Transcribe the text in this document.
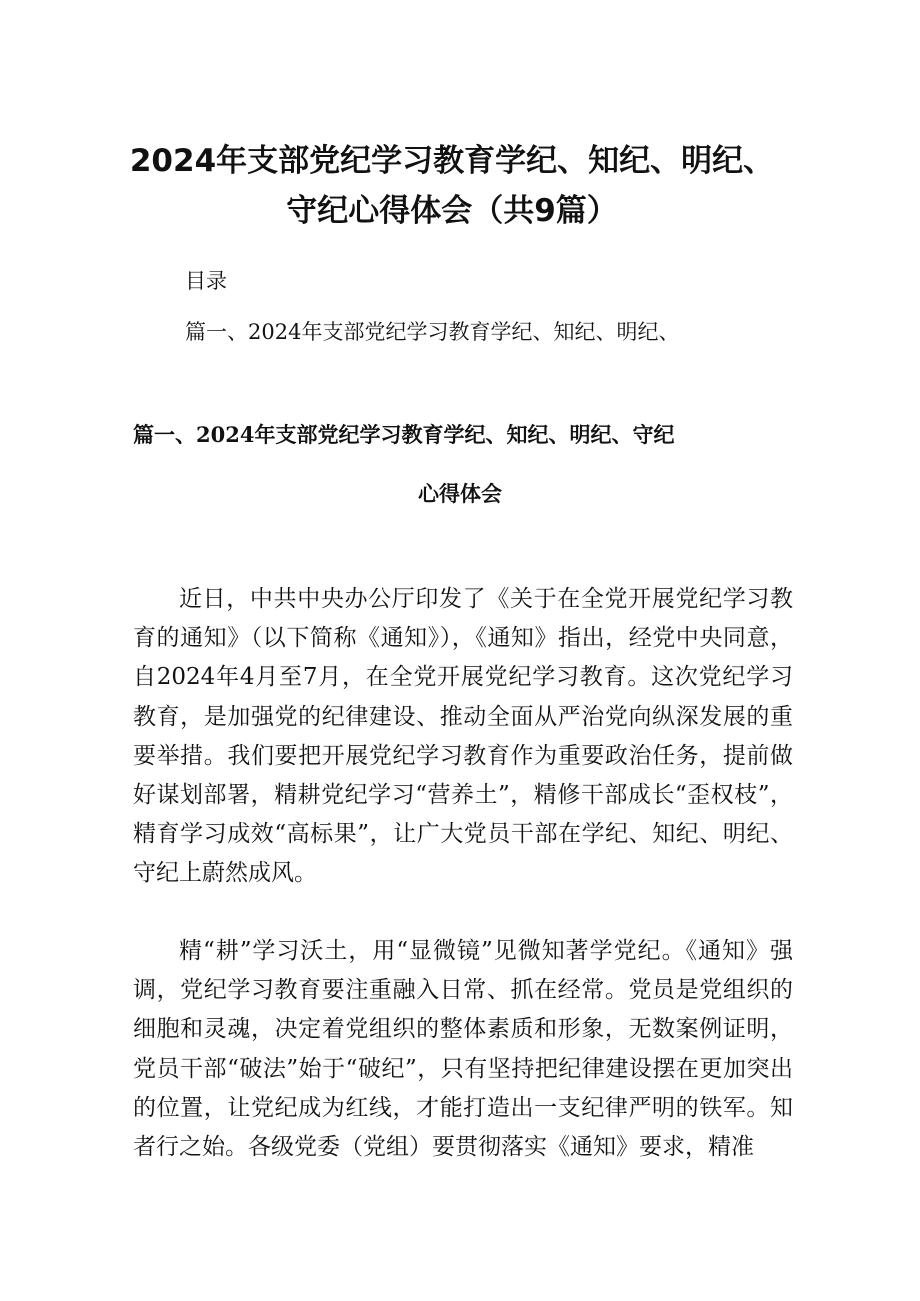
2024年支部党纪学习教育学纪、知纪、明纪、
守纪心得体会（共9篇）
目录
篇一、2024年支部党纪学习教育学纪、知纪、明纪、
篇一、2024年支部党纪学习教育学纪、知纪、明纪、守纪
心得体会

近日，中共中央办公厅印发了《关于在全党开展党纪学习教育的通知》（以下简称《通知》），《通知》指出，经党中央同意，自2024年4月至7月，在全党开展党纪学习教育。这次党纪学习教育，是加强党的纪律建设、推动全面从严治党向纵深发展的重要举措。我们要把开展党纪学习教育作为重要政治任务，提前做好谋划部署，精耕党纪学习“营养土”，精修干部成长“歪权枝”，精育学习成效“高标果”，让广大党员干部在学纪、知纪、明纪、守纪上蔚然成风。

精“耕”学习沃土，用“显微镜”见微知著学党纪。《通知》强调，党纪学习教育要注重融入日常、抓在经常。党员是党组织的细胞和灵魂，决定着党组织的整体素质和形象，无数案例证明，党员干部“破法”始于“破纪”，只有坚持把纪律建设摆在更加突出的位置，让党纪成为红线，才能打造出一支纪律严明的铁军。知者行之始。各级党委（党组）要贯彻落实《通知》要求，精准
